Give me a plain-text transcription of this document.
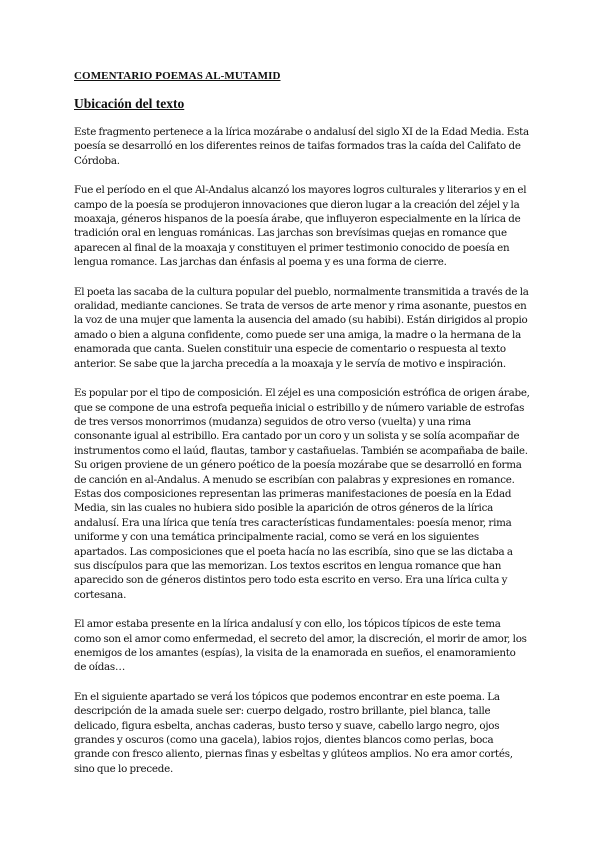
COMENTARIO POEMAS AL-MUTAMID
Ubicación del texto

Este fragmento pertenece a la lírica mozárabe o andalusí del siglo XI de la Edad Media. Esta poesía se desarrolló en los diferentes reinos de taifas formados tras la caída del Califato de Córdoba.

Fue el período en el que Al-Andalus alcanzó los mayores logros culturales y literarios y en el campo de la poesía se produjeron innovaciones que dieron lugar a la creación del zéjel y la moaxaja, géneros hispanos de la poesía árabe, que influyeron especialmente en la lírica de tradición oral en lenguas románicas. Las jarchas son brevísimas quejas en romance que aparecen al final de la moaxaja y constituyen el primer testimonio conocido de poesía en lengua romance. Las jarchas dan énfasis al poema y es una forma de cierre.

El poeta las sacaba de la cultura popular del pueblo, normalmente transmitida a través de la oralidad, mediante canciones. Se trata de versos de arte menor y rima asonante, puestos en la voz de una mujer que lamenta la ausencia del amado (su habibi). Están dirigidos al propio amado o bien a alguna confidente, como puede ser una amiga, la madre o la hermana de la enamorada que canta. Suelen constituir una especie de comentario o respuesta al texto anterior. Se sabe que la jarcha precedía a la moaxaja y le servía de motivo e inspiración.

Es popular por el tipo de composición. El zéjel es una composición estrófica de origen árabe, que se compone de una estrofa pequeña inicial o estribillo y de número variable de estrofas de tres versos monorrimos (mudanza) seguidos de otro verso (vuelta) y una rima consonante igual al estribillo. Era cantado por un coro y un solista y se solía acompañar de instrumentos como el laúd, flautas, tambor y castañuelas. También se acompañaba de baile. Su origen proviene de un género poético de la poesía mozárabe que se desarrolló en forma de canción en al-Andalus. A menudo se escribían con palabras y expresiones en romance. Estas dos composiciones representan las primeras manifestaciones de poesía en la Edad Media, sin las cuales no hubiera sido posible la aparición de otros géneros de la lírica andalusí. Era una lírica que tenía tres características fundamentales: poesía menor, rima uniforme y con una temática principalmente racial, como se verá en los siguientes apartados. Las composiciones que el poeta hacía no las escribía, sino que se las dictaba a sus discípulos para que las memorizan. Los textos escritos en lengua romance que han aparecido son de géneros distintos pero todo esta escrito en verso. Era una lírica culta y cortesana.

El amor estaba presente en la lírica andalusí y con ello, los tópicos típicos de este tema como son el amor como enfermedad, el secreto del amor, la discreción, el morir de amor, los enemigos de los amantes (espías), la visita de la enamorada en sueños, el enamoramiento de oídas…

En el siguiente apartado se verá los tópicos que podemos encontrar en este poema. La descripción de la amada suele ser: cuerpo delgado, rostro brillante, piel blanca, talle delicado, figura esbelta, anchas caderas, busto terso y suave, cabello largo negro, ojos grandes y oscuros (como una gacela), labios rojos, dientes blancos como perlas, boca grande con fresco aliento, piernas finas y esbeltas y glúteos amplios. No era amor cortés, sino que lo precede.
